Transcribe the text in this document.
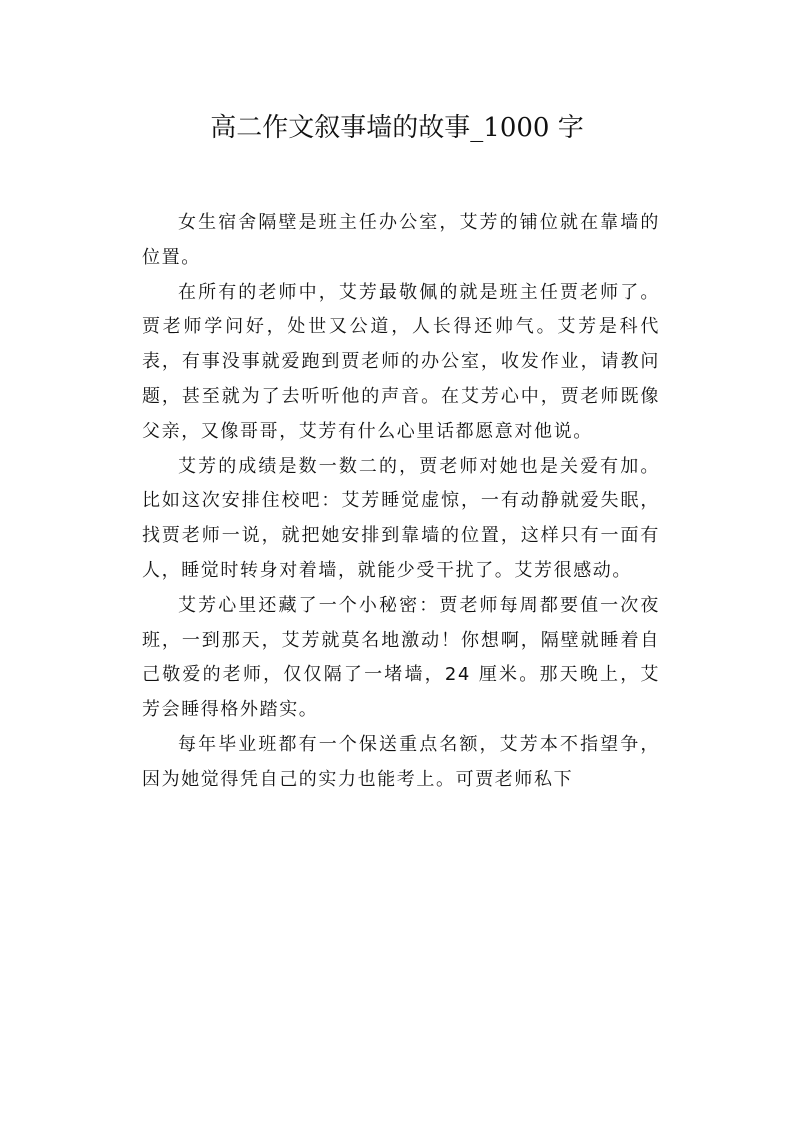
高二作文叙事墙的故事_1000 字

女生宿舍隔壁是班主任办公室，艾芳的铺位就在靠墙的位置。

在所有的老师中，艾芳最敬佩的就是班主任贾老师了。贾老师学问好，处世又公道，人长得还帅气。艾芳是科代表，有事没事就爱跑到贾老师的办公室，收发作业，请教问题，甚至就为了去听听他的声音。在艾芳心中，贾老师既像父亲，又像哥哥，艾芳有什么心里话都愿意对他说。

艾芳的成绩是数一数二的，贾老师对她也是关爱有加。比如这次安排住校吧：艾芳睡觉虚惊，一有动静就爱失眠，找贾老师一说，就把她安排到靠墙的位置，这样只有一面有人，睡觉时转身对着墙，就能少受干扰了。艾芳很感动。

艾芳心里还藏了一个小秘密：贾老师每周都要值一次夜班，一到那天，艾芳就莫名地激动！你想啊，隔壁就睡着自己敬爱的老师，仅仅隔了一堵墙，24 厘米。那天晚上，艾芳会睡得格外踏实。

每年毕业班都有一个保送重点名额，艾芳本不指望争，因为她觉得凭自己的实力也能考上。可贾老师私下
